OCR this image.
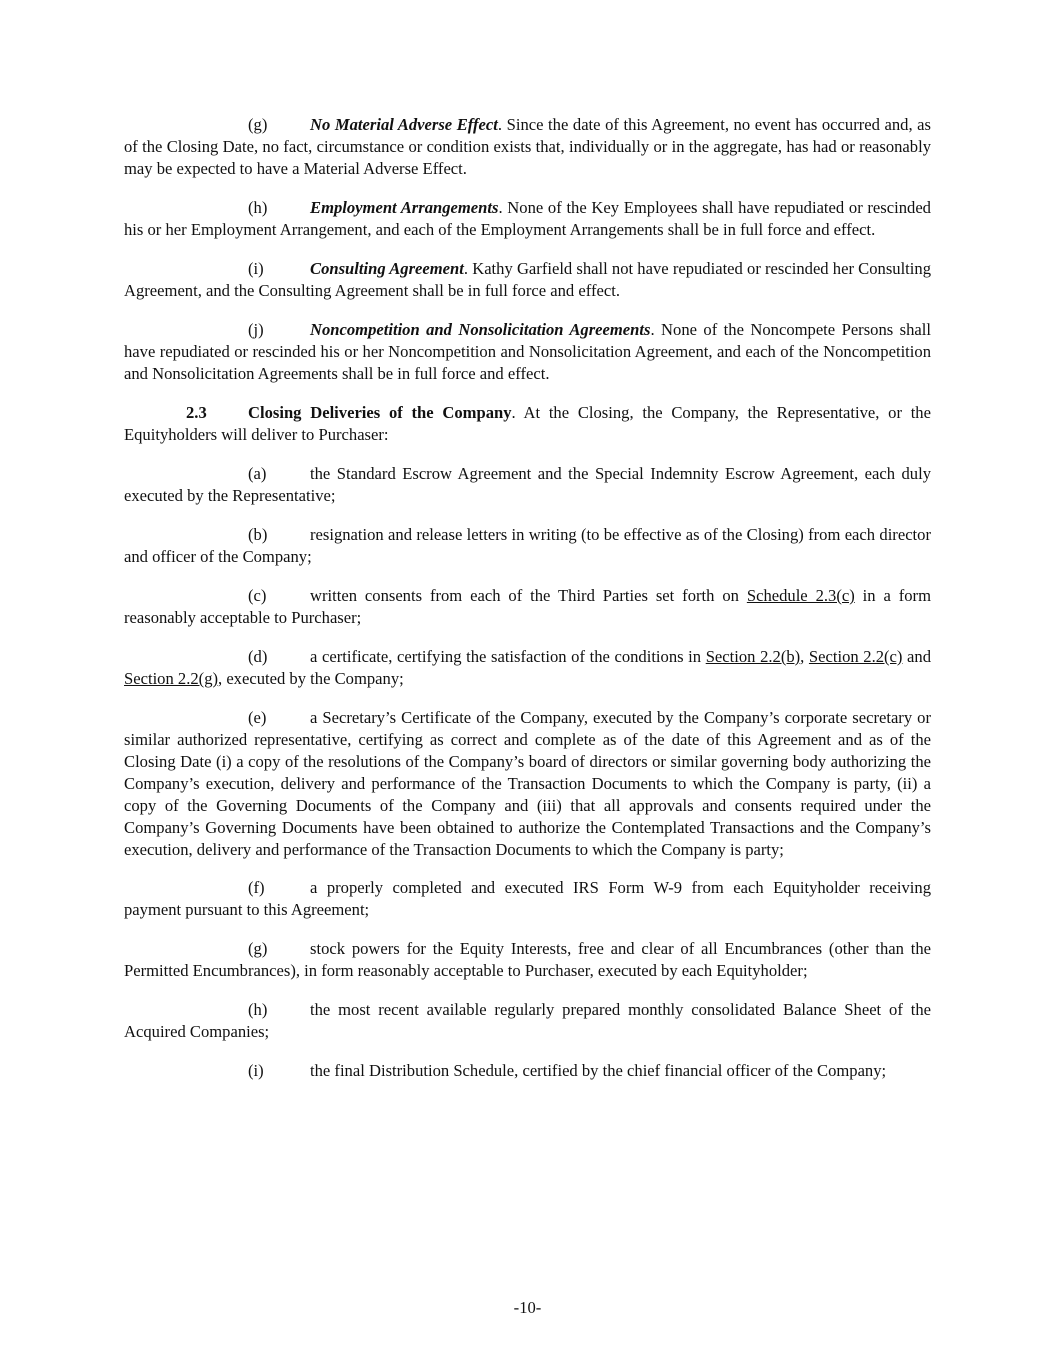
(g)	No Material Adverse Effect. Since the date of this Agreement, no event has occurred and, as of the Closing Date, no fact, circumstance or condition exists that, individually or in the aggregate, has had or reasonably may be expected to have a Material Adverse Effect.

(h)	Employment Arrangements. None of the Key Employees shall have repudiated or rescinded his or her Employment Arrangement, and each of the Employment Arrangements shall be in full force and effect.

(i)	Consulting Agreement. Kathy Garfield shall not have repudiated or rescinded her Consulting Agreement, and the Consulting Agreement shall be in full force and effect.

(j)	Noncompetition and Nonsolicitation Agreements. None of the Noncompete Persons shall have repudiated or rescinded his or her Noncompetition and Nonsolicitation Agreement, and each of the Noncompetition and Nonsolicitation Agreements shall be in full force and effect.

2.3 Closing Deliveries of the Company. At the Closing, the Company, the Representative, or the Equityholders will deliver to Purchaser:

(a)	the Standard Escrow Agreement and the Special Indemnity Escrow Agreement, each duly executed by the Representative;

(b)	resignation and release letters in writing (to be effective as of the Closing) from each director and officer of the Company;

(c)	written consents from each of the Third Parties set forth on Schedule 2.3(c) in a form reasonably acceptable to Purchaser;

(d)	a certificate, certifying the satisfaction of the conditions in Section 2.2(b), Section 2.2(c) and Section 2.2(g), executed by the Company;

(e)	a Secretary’s Certificate of the Company, executed by the Company’s corporate secretary or similar authorized representative, certifying as correct and complete as of the date of this Agreement and as of the Closing Date (i) a copy of the resolutions of the Company’s board of directors or similar governing body authorizing the Company’s execution, delivery and performance of the Transaction Documents to which the Company is party, (ii) a copy of the Governing Documents of the Company and (iii) that all approvals and consents required under the Company’s Governing Documents have been obtained to authorize the Contemplated Transactions and the Company’s execution, delivery and performance of the Transaction Documents to which the Company is party;

(f)	a properly completed and executed IRS Form W-9 from each Equityholder receiving payment pursuant to this Agreement;

(g)	stock powers for the Equity Interests, free and clear of all Encumbrances (other than the Permitted Encumbrances), in form reasonably acceptable to Purchaser, executed by each Equityholder;

(h)	the most recent available regularly prepared monthly consolidated Balance Sheet of the Acquired Companies;

(i)	the final Distribution Schedule, certified by the chief financial officer of the Company;

-10-
